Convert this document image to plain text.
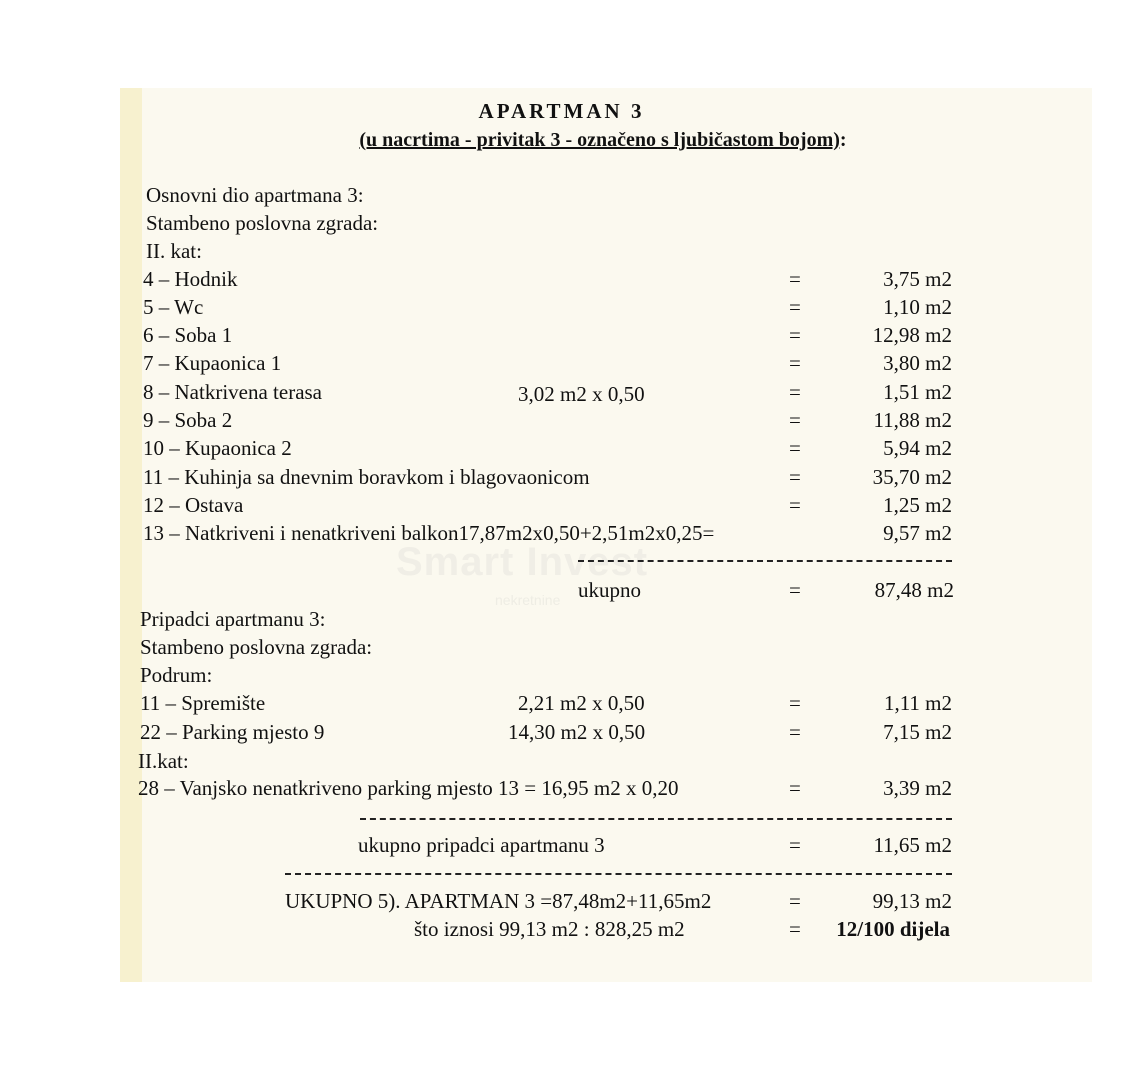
Smart Invest
nekretnine
APARTMAN 3
(u nacrtima - privitak 3 - označeno s ljubičastom bojom):
Osnovni dio apartmana 3:
Stambeno poslovna zgrada:
II. kat:
4 – Hodnik	=	3,75 m2
5 – Wc	=	1,10 m2
6 – Soba 1	=	12,98 m2
7 – Kupaonica 1	=	3,80 m2
8 – Natkrivena terasa	3,02 m2 x 0,50	=	1,51 m2
9 – Soba 2	=	11,88 m2
10 – Kupaonica 2	=	5,94 m2
11 – Kuhinja sa dnevnim boravkom i blagovaonicom	=	35,70 m2
12 – Ostava	=	1,25 m2
13 – Natkriveni i nenatkriveni balkon17,87m2x0,50+2,51m2x0,25=	9,57 m2
ukupno	=	87,48 m2
Pripadci apartmanu 3:
Stambeno poslovna zgrada:
Podrum:
11 – Spremište	2,21 m2 x 0,50	=	1,11 m2
22 – Parking mjesto 9	14,30 m2 x 0,50	=	7,15 m2
II.kat:
28 – Vanjsko nenatkriveno parking mjesto 13 = 16,95 m2 x 0,20	=	3,39 m2
ukupno pripadci apartmanu 3	=	11,65 m2
UKUPNO 5). APARTMAN 3 =87,48m2+11,65m2	=	99,13 m2
što iznosi 99,13 m2 : 828,25 m2	=	12/100 dijela
